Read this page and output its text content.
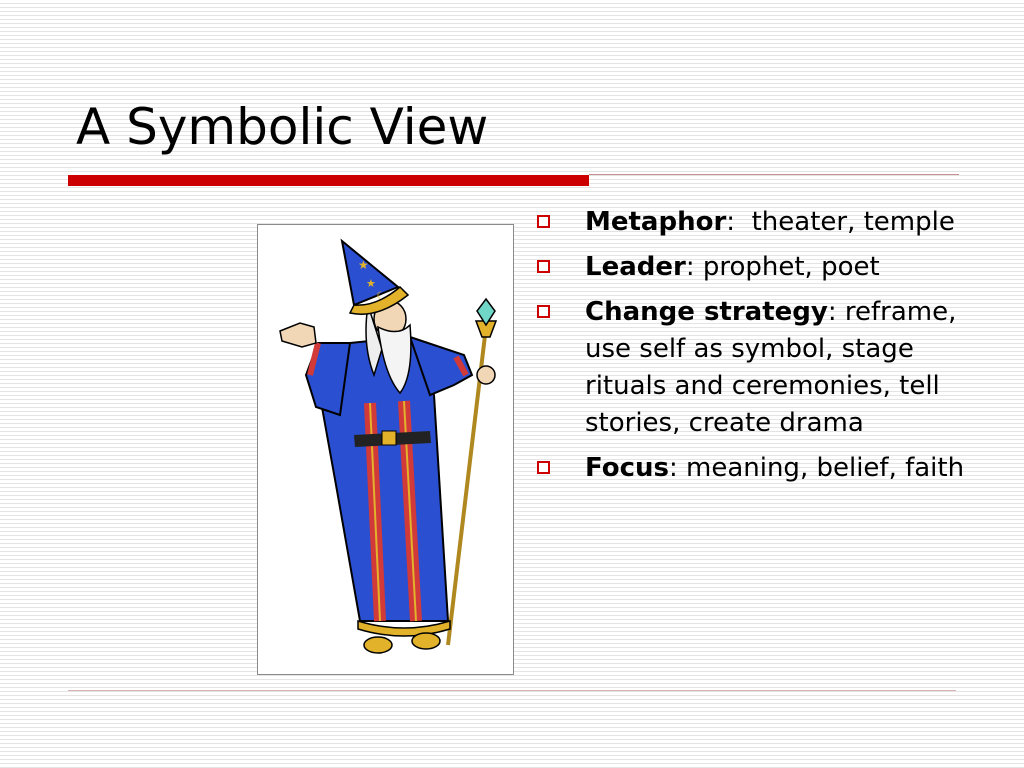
A Symbolic View
★
★
☾
Metaphor:  theater, temple
Leader: prophet, poet
Change strategy: reframe, use self as symbol, stage rituals and ceremonies, tell stories, create drama
Focus: meaning, belief, faith
